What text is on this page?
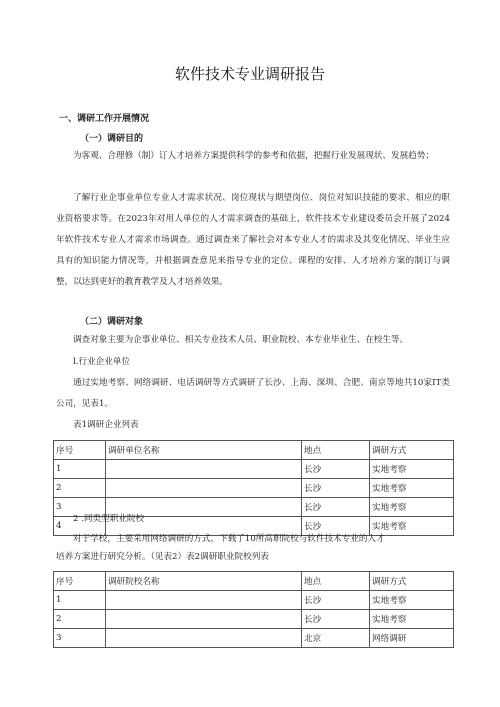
软件技术专业调研报告
一、调研工作开展情况
（一）调研目的

为客观、合理修（制）订人才培养方案提供科学的参考和依据，把握行业发展现状、发展趋势；

了解行业企事业单位专业人才需求状况、岗位现状与期望岗位、岗位对知识技能的要求、相应的职业资格要求等。在2023年对用人单位的人才需求调查的基础上，软件技术专业建设委员会开展了2024年软件技术专业人才需求市场调查。通过调查来了解社会对本专业人才的需求及其变化情况、毕业生应具有的知识能力情况等，并根据调查意见来指导专业的定位、课程的安排、人才培养方案的制订与调整，以达到更好的教育教学及人才培养效果。

（二）调研对象

调查对象主要为企事业单位、相关专业技术人员、职业院校、本专业毕业生、在校生等。

l.行业企业单位

通过实地考察、网络调研、电话调研等方式调研了长沙、上海、深圳、合肥、南京等地共10家IT类公司，见表1。

表1调研企业列表

序号	调研单位名称	地点	调研方式
1		长沙	实地考察
2		长沙	实地考察
3		长沙	实地考察
4		长沙	实地考察

2 .同类型职业院校

对于学校，主要采用网络调研的方式，下载了10所高职院校与软件技术专业的人才

培养方案进行研究分析。（见表2）表2调研职业院校列表

序号	调研院校名称	地点	调研方式
1		长沙	实地考察
2		长沙	实地考察
3		北京	网络调研
